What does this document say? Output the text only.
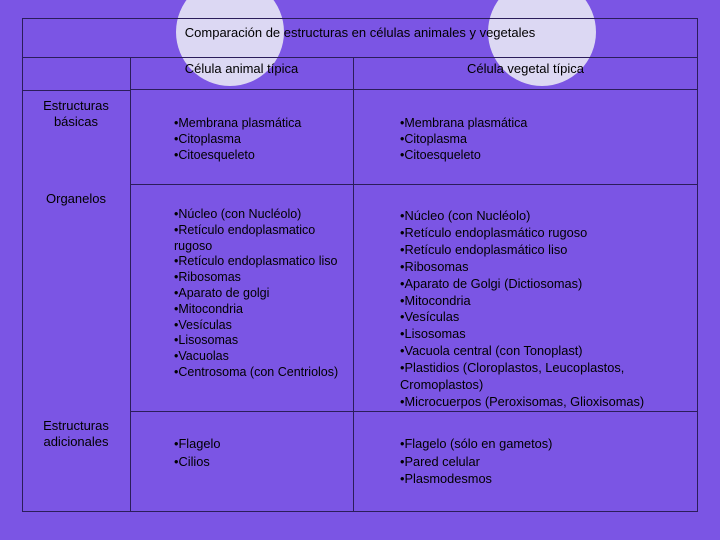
Comparación de estructuras en células animales y vegetales
Célula animal típica	Célula vegetal típica
Estructuras
básicas
Organelos
Estructuras
adicionales
•Membrana plasmática
•Citoplasma
•Citoesqueleto
•Membrana plasmática
•Citoplasma
•Citoesqueleto
•Núcleo (con Nucléolo)
•Retículo endoplasmatico rugoso
•Retículo endoplasmatico liso
•Ribosomas
•Aparato de golgi
•Mitocondria
•Vesículas
•Lisosomas
•Vacuolas
•Centrosoma (con Centriolos)
•Núcleo (con Nucléolo)
•Retículo endoplasmático rugoso
•Retículo endoplasmático liso
•Ribosomas
•Aparato de Golgi (Dictiosomas)
•Mitocondria
•Vesículas
•Lisosomas
•Vacuola central (con Tonoplast)
•Plastidios (Cloroplastos, Leucoplastos, Cromoplastos)
•Microcuerpos (Peroxisomas, Glioxisomas)
•Flagelo
•Cilios
•Flagelo (sólo en gametos)
•Pared celular
•Plasmodesmos
